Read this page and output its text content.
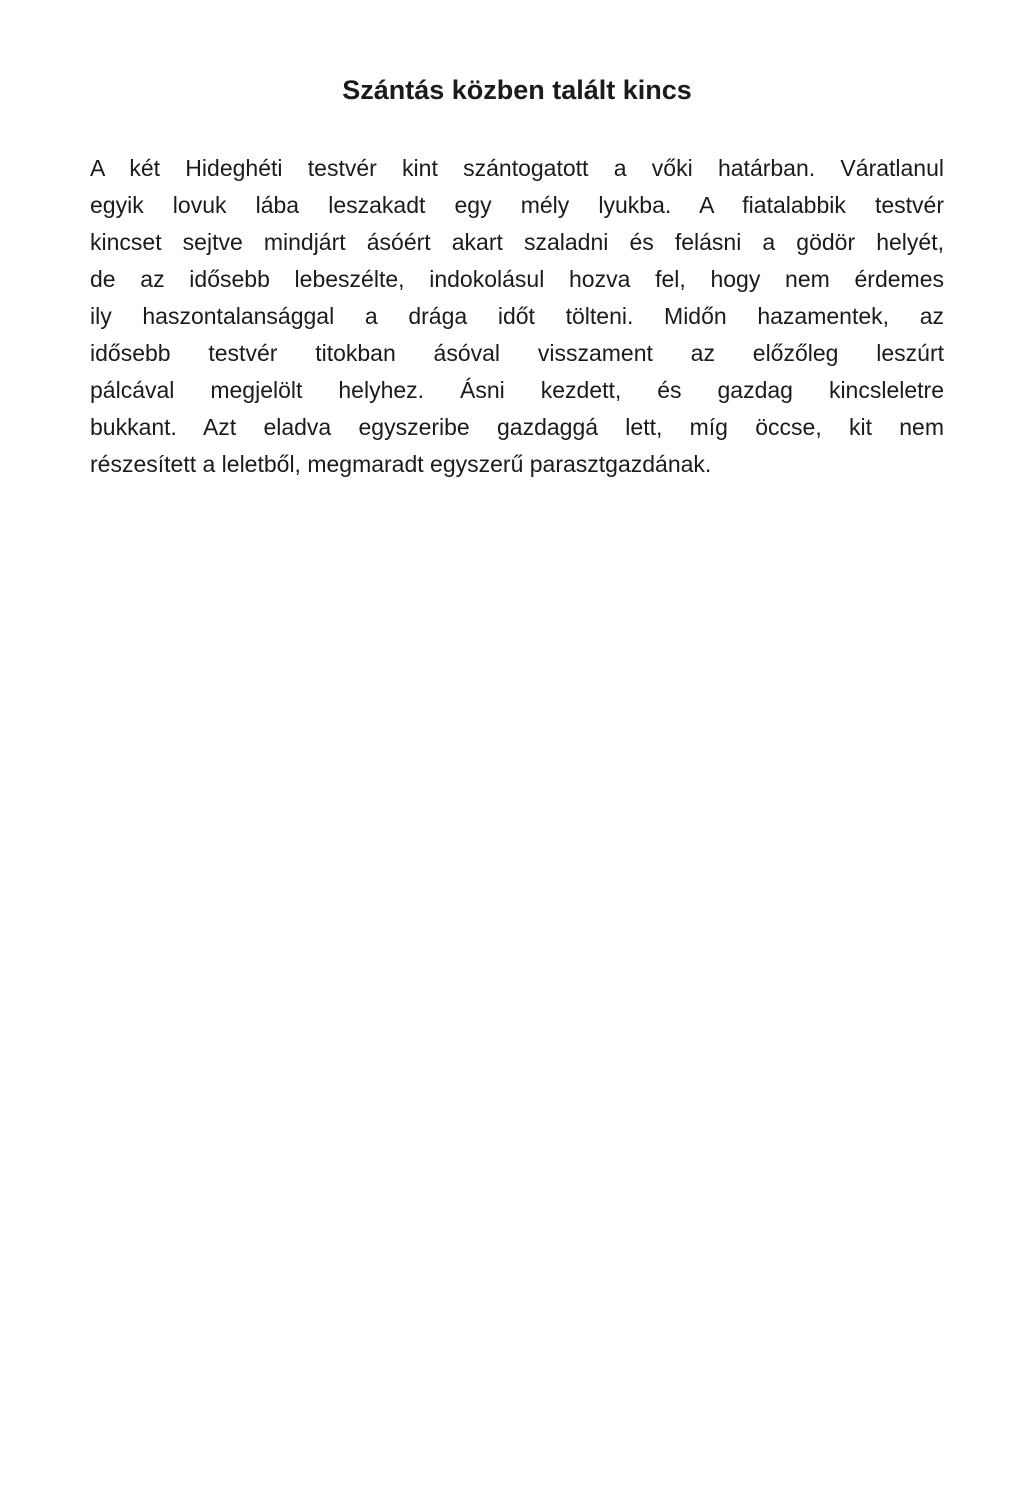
Szántás közben talált kincs
A két Hideghéti testvér kint szántogatott a vőki határban. Váratlanul
egyik lovuk lába leszakadt egy mély lyukba. A fiatalabbik testvér
kincset sejtve mindjárt ásóért akart szaladni és felásni a gödör helyét,
de az idősebb lebeszélte, indokolásul hozva fel, hogy nem érdemes
ily haszontalansággal a drága időt tölteni. Midőn hazamentek, az
idősebb testvér titokban ásóval visszament az előzőleg leszúrt
pálcával megjelölt helyhez. Ásni kezdett, és gazdag kincsleletre
bukkant. Azt eladva egyszeribe gazdaggá lett, míg öccse, kit nem
részesített a leletből, megmaradt egyszerű parasztgazdának.
